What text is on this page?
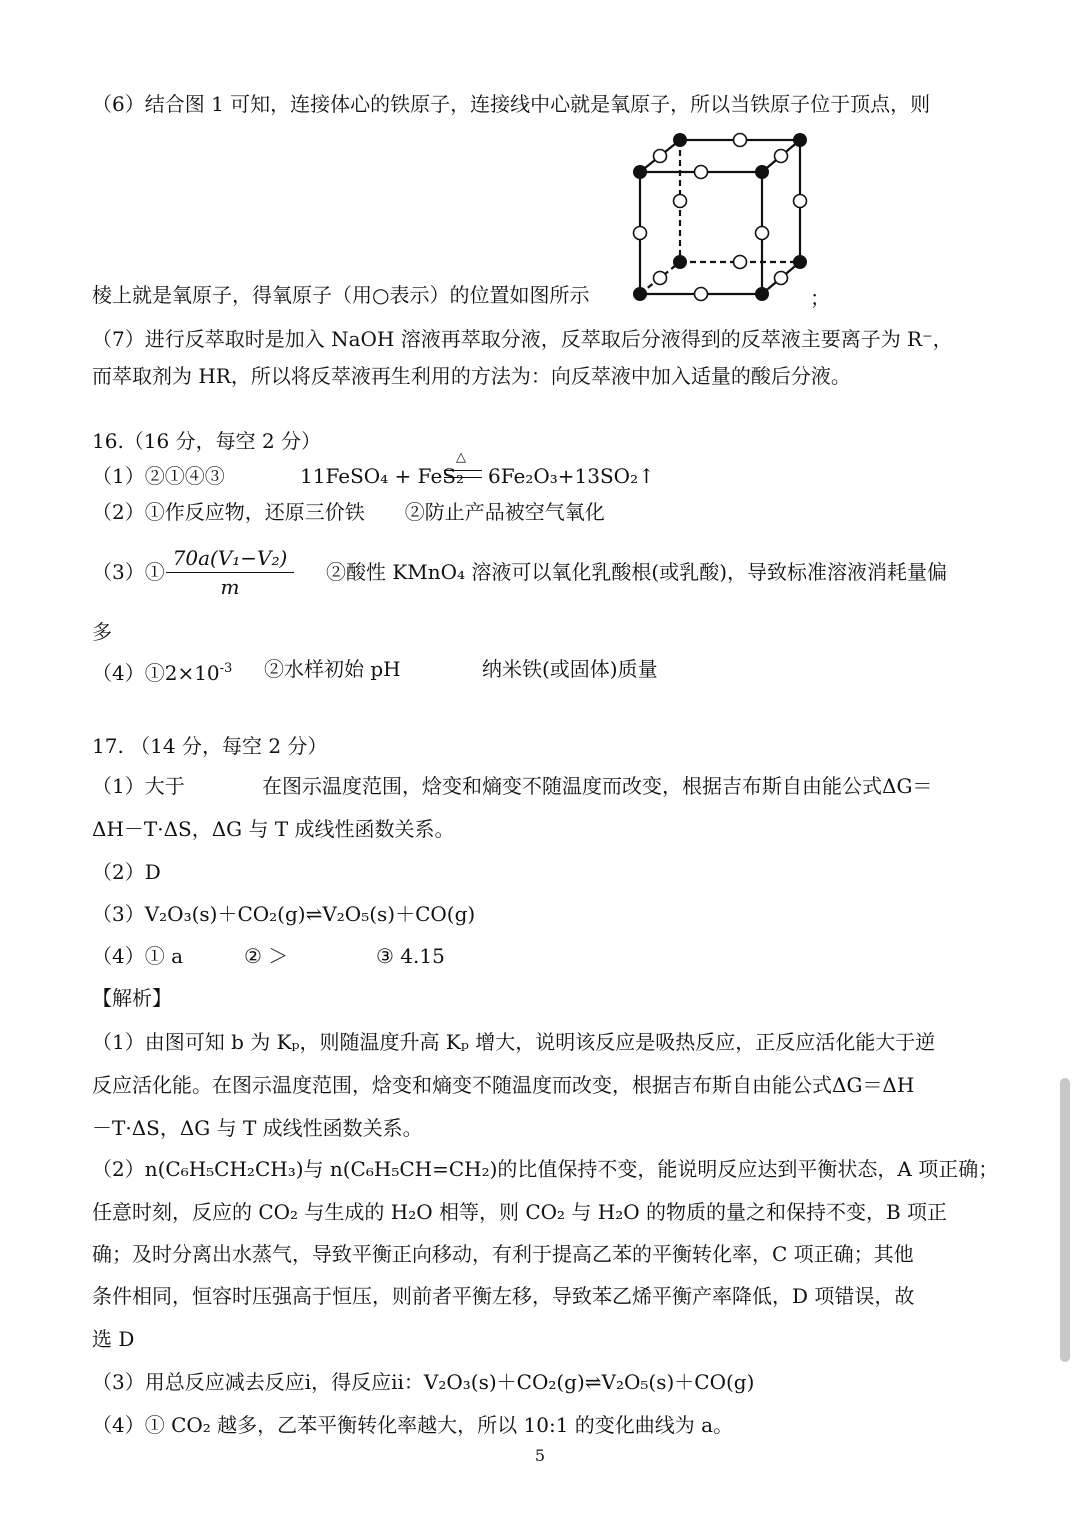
（6）结合图 1 可知，连接体心的铁原子，连接线中心就是氧原子，所以当铁原子位于顶点，则
棱上就是氧原子，得氧原子（用○表示）的位置如图所示	；
（7）进行反萃取时是加入 NaOH 溶液再萃取分液，反萃取后分液得到的反萃液主要离子为 R⁻，
而萃取剂为 HR，所以将反萃液再生利用的方法为：向反萃液中加入适量的酸后分液。
16.（16 分，每空 2 分）
（1）②①④③	11FeSO₄ + FeS₂
△
6Fe₂O₃+13SO₂↑
（2）①作反应物，还原三价铁　　②防止产品被空气氧化
（3）①
70a(V₁−V₂)
m
②酸性 KMnO₄ 溶液可以氧化乳酸根(或乳酸)，导致标准溶液消耗量偏
多
$(4)①2\times 10^{-3}$ ②水样初始 pH	纳米铁(或固体)质量
17. （14 分，每空 2 分）
（1）大于	在图示温度范围，焓变和熵变不随温度而改变，根据吉布斯自由能公式ΔG＝
ΔH－T·ΔS，ΔG 与 T 成线性函数关系。
（2）D
（3）V₂O₃(s)＋CO₂(g)⇌V₂O₅(s)＋CO(g)
（4）① a	② ＞	③ 4.15
【解析】
（1）由图可知 b 为 Kₚ，则随温度升高 Kₚ 增大，说明该反应是吸热反应，正反应活化能大于逆
反应活化能。在图示温度范围，焓变和熵变不随温度而改变，根据吉布斯自由能公式ΔG＝ΔH
－T·ΔS，ΔG 与 T 成线性函数关系。
（2）n(C₆H₅CH₂CH₃)与 n(C₆H₅CH=CH₂)的比值保持不变，能说明反应达到平衡状态，A 项正确；
任意时刻，反应的 CO₂ 与生成的 H₂O 相等，则 CO₂ 与 H₂O 的物质的量之和保持不变，B 项正
确；及时分离出水蒸气，导致平衡正向移动，有利于提高乙苯的平衡转化率，C 项正确；其他
条件相同，恒容时压强高于恒压，则前者平衡左移，导致苯乙烯平衡产率降低，D 项错误，故
选 D
（3）用总反应减去反应i，得反应ii：V₂O₃(s)＋CO₂(g)⇌V₂O₅(s)＋CO(g)
（4）① CO₂ 越多，乙苯平衡转化率越大，所以 10:1 的变化曲线为 a。
5
